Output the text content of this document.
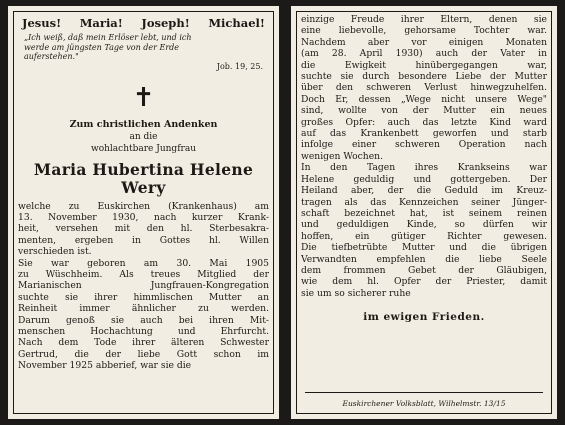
Jesus! Maria! Joseph! Michael!
„Ich weiß, daß mein Erlöser lebt, und ich
werde am jüngsten Tage von der Erde
auferstehen."
Job. 19, 25.
✝
Zum christlichen Andenken
an die
wohlachtbare Jungfrau
Maria Hubertina Helene Wery
welche zu Euskirchen (Krankenhaus) am
13. November 1930, nach kurzer Krank-
heit, versehen mit den hl. Sterbesakra-
menten, ergeben in Gottes hl. Willen
verschieden ist.
Sie war geboren am 30. Mai 1905
zu Wüschheim. Als treues Mitglied der
Marianischen Jungfrauen-Kongregation
suchte sie ihrer himmlischen Mutter an
Reinheit immer ähnlicher zu werden.
Darum genoß sie auch bei ihren Mit-
menschen Hochachtung und Ehrfurcht.
Nach dem Tode ihrer älteren Schwester
Gertrud, die der liebe Gott schon im
November 1925 abberief, war sie die
einzige Freude ihrer Eltern, denen sie
eine liebevolle, gehorsame Tochter war.
Nachdem aber vor einigen Monaten
(am 28. April 1930) auch der Vater in
die Ewigkeit hinübergegangen war,
suchte sie durch besondere Liebe der Mutter
über den schweren Verlust hinwegzuhelfen.
Doch Er, dessen „Wege nicht unsere Wege"
sind, wollte von der Mutter ein neues
großes Opfer: auch das letzte Kind ward
auf das Krankenbett geworfen und starb
infolge einer schweren Operation nach
wenigen Wochen.
In den Tagen ihres Krankseins war
Helene geduldig und gottergeben. Der
Heiland aber, der die Geduld im Kreuz-
tragen als das Kennzeichen seiner Jünger-
schaft bezeichnet hat, ist seinem reinen
und geduldigen Kinde, so dürfen wir
hoffen, ein gütiger Richter gewesen.
Die tiefbetrübte Mutter und die übrigen
Verwandten empfehlen die liebe Seele
dem frommen Gebet der Gläubigen,
wie dem hl. Opfer der Priester, damit
sie um so sicherer ruhe
im ewigen Frieden.
Euskirchener Volksblatt, Wilhelmstr. 13/15
